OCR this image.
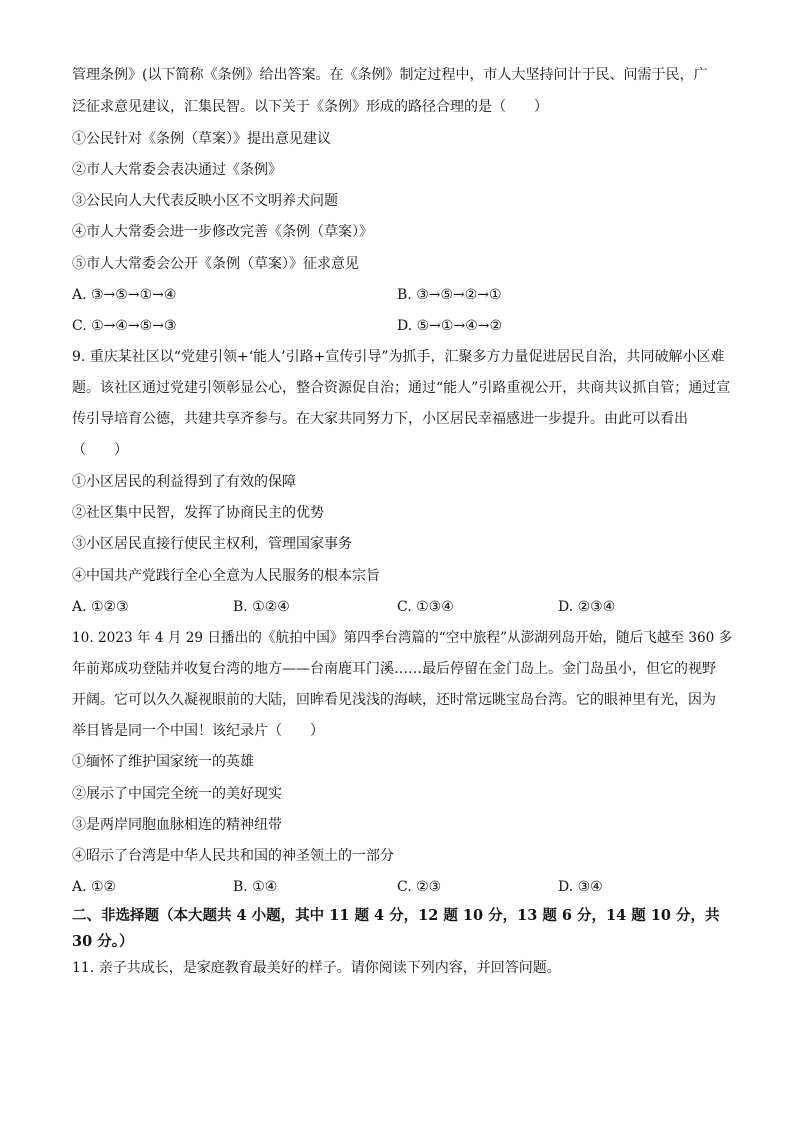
管理条例》(以下简称《条例》给出答案。在《条例》制定过程中，市人大坚持问计于民、问需于民，广
泛征求意见建议，汇集民智。以下关于《条例》形成的路径合理的是（　　）
①公民针对《条例（草案）》提出意见建议
②市人大常委会表决通过《条例》
③公民向人大代表反映小区不文明养犬问题
④市人大常委会进一步修改完善《条例（草案）》
⑤市人大常委会公开《条例（草案）》征求意见
A. ③→⑤→①→④	B. ③→⑤→②→①
C. ①→④→⑤→③	D. ⑤→①→④→②
9. 重庆某社区以“党建引领+‘能人’引路+宣传引导”为抓手，汇聚多方力量促进居民自治，共同破解小区难
题。该社区通过党建引领彰显公心，整合资源促自治；通过“能人”引路重视公开，共商共议抓自管；通过宣
传引导培育公德，共建共享齐参与。在大家共同努力下，小区居民幸福感进一步提升。由此可以看出
（　　）
①小区居民的利益得到了有效的保障
②社区集中民智，发挥了协商民主的优势
③小区居民直接行使民主权利，管理国家事务
④中国共产党践行全心全意为人民服务的根本宗旨
A. ①②③	B. ①②④	C. ①③④	D. ②③④
10. 2023 年 4 月 29 日播出的《航拍中国》第四季台湾篇的“空中旅程”从澎湖列岛开始，随后飞越至 360 多
年前郑成功登陆并收复台湾的地方——台南鹿耳门溪……最后停留在金门岛上。金门岛虽小，但它的视野
开阔。它可以久久凝视眼前的大陆，回眸看见浅浅的海峡，还时常远眺宝岛台湾。它的眼神里有光，因为
举目皆是同一个中国！该纪录片（　　）
①缅怀了维护国家统一的英雄
②展示了中国完全统一的美好现实
③是两岸同胞血脉相连的精神纽带
④昭示了台湾是中华人民共和国的神圣领土的一部分
A. ①②	B. ①④	C. ②③	D. ③④
二、非选择题（本大题共 4 小题，其中 11 题 4 分，12 题 10 分，13 题 6 分，14 题 10 分，共
30 分。）
11. 亲子共成长，是家庭教育最美好的样子。请你阅读下列内容，并回答问题。
